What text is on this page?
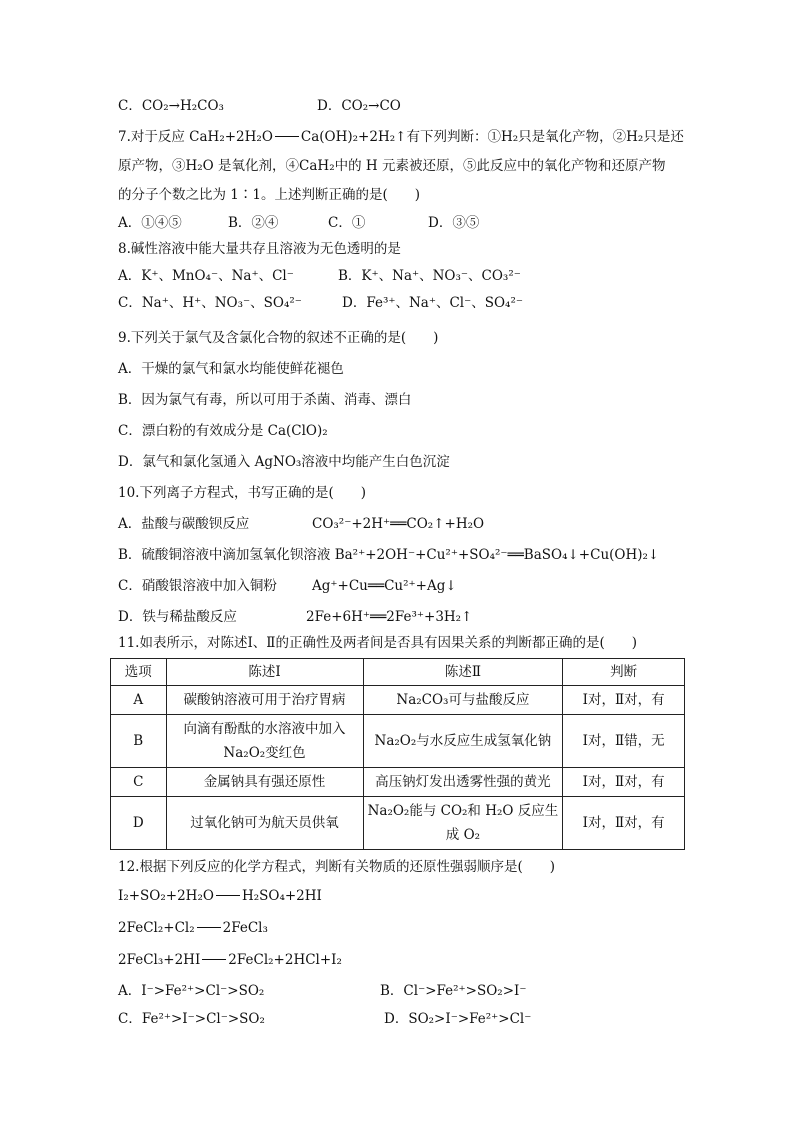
C．CO₂→H₂CO₃	D．CO₂→CO
7.对于反应 CaH₂+2H₂O Ca(OH)₂+2H₂↑有下列判断：①H₂只是氧化产物，②H₂只是还
原产物，③H₂O 是氧化剂，④CaH₂中的 H 元素被还原，⑤此反应中的氧化产物和还原产物
的分子个数之比为 1∶1。上述判断正确的是(　　)
A．①④⑤	B．②④	C．①	D．③⑤
8.碱性溶液中能大量共存且溶液为无色透明的是
A．K⁺、MnO₄⁻、Na⁺、Cl⁻	B．K⁺、Na⁺、NO₃⁻、CO₃²⁻
C．Na⁺、H⁺、NO₃⁻、SO₄²⁻	D．Fe³⁺、Na⁺、Cl⁻、SO₄²⁻
9.下列关于氯气及含氯化合物的叙述不正确的是(　　)
A．干燥的氯气和氯水均能使鲜花褪色
B．因为氯气有毒，所以可用于杀菌、消毒、漂白
C．漂白粉的有效成分是 Ca(ClO)₂
D．氯气和氯化氢通入 AgNO₃溶液中均能产生白色沉淀
10.下列离子方程式，书写正确的是(　　)
A．盐酸与碳酸钡反应	CO₃²⁻+2H⁺══CO₂↑+H₂O
B．硫酸铜溶液中滴加氢氧化钡溶液 Ba²⁺+2OH⁻+Cu²⁺+SO₄²⁻══BaSO₄↓+Cu(OH)₂↓
C．硝酸银溶液中加入铜粉	Ag⁺+Cu══Cu²⁺+Ag↓
D．铁与稀盐酸反应	2Fe+6H⁺══2Fe³⁺+3H₂↑
11.如表所示，对陈述Ⅰ、Ⅱ的正确性及两者间是否具有因果关系的判断都正确的是(　　)
选项	陈述Ⅰ	陈述Ⅱ	判断
A	碳酸钠溶液可用于治疗胃病	Na₂CO₃可与盐酸反应	Ⅰ对，Ⅱ对，有
B	向滴有酚酞的水溶液中加入
Na₂O₂变红色	Na₂O₂与水反应生成氢氧化钠	Ⅰ对，Ⅱ错，无
C	金属钠具有强还原性	高压钠灯发出透雾性强的黄光	Ⅰ对，Ⅱ对，有
D	过氧化钠可为航天员供氧	Na₂O₂能与 CO₂和 H₂O 反应生
成 O₂	Ⅰ对，Ⅱ对，有
12.根据下列反应的化学方程式，判断有关物质的还原性强弱顺序是(　　)
I₂+SO₂+2H₂O H₂SO₄+2HI
2FeCl₂+Cl₂ 2FeCl₃
2FeCl₃+2HI 2FeCl₂+2HCl+I₂
A．I⁻>Fe²⁺>Cl⁻>SO₂	B．Cl⁻>Fe²⁺>SO₂>I⁻
C．Fe²⁺>I⁻>Cl⁻>SO₂	D．SO₂>I⁻>Fe²⁺>Cl⁻
